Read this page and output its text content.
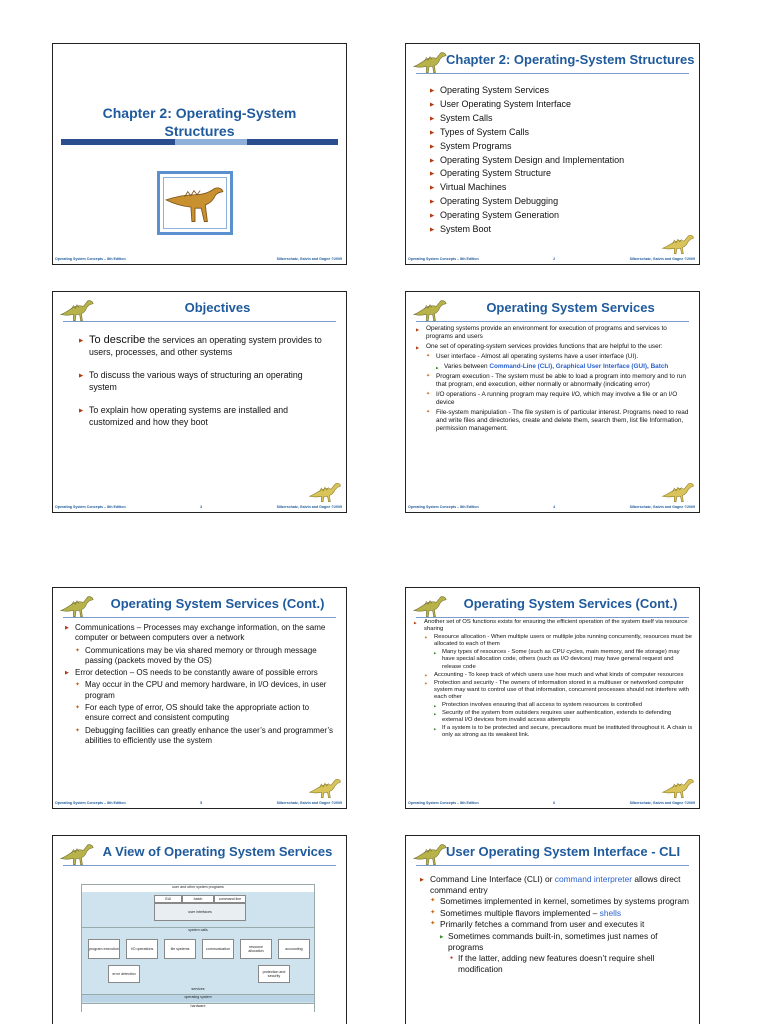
Chapter 2: Operating-System
Structures
Operating System Concepts – 8th Edition	Silberschatz, Galvin and Gagne ©2009
Chapter 2: Operating-System Structures
▶ Operating System Services
▶ User Operating System Interface
▶ System Calls
▶ Types of System Calls
▶ System Programs
▶ Operating System Design and Implementation
▶ Operating System Structure
▶ Virtual Machines
▶ Operating System Debugging
▶ Operating System Generation
▶ System Boot
Operating System Concepts – 8th Edition	2	Silberschatz, Galvin and Gagne ©2009
Objectives
▶ To describe the services an operating system provides to users, processes, and other systems
▶ To discuss the various ways of structuring an operating system
▶ To explain how operating systems are installed and customized and how they boot
Operating System Concepts – 8th Edition	3	Silberschatz, Galvin and Gagne ©2009
Operating System Services
▶ Operating systems provide an environment for execution of programs and services to programs and users
▶ One set of operating-system services provides functions that are helpful to the user:
✦ User interface - Almost all operating systems have a user interface (UI).
▶ Varies between Command-Line (CLI), Graphical User Interface (GUI), Batch
✦ Program execution - The system must be able to load a program into memory and to run that program, end execution, either normally or abnormally (indicating error)
✦ I/O operations - A running program may require I/O, which may involve a file or an I/O device
✦ File-system manipulation - The file system is of particular interest. Programs need to read and write files and directories, create and delete them, search them, list file Information, permission management.
Operating System Concepts – 8th Edition	4	Silberschatz, Galvin and Gagne ©2009
Operating System Services (Cont.)
▶ Communications – Processes may exchange information, on the same computer or between computers over a network
✦ Communications may be via shared memory or through message passing (packets moved by the OS)
▶ Error detection – OS needs to be constantly aware of possible errors
✦ May occur in the CPU and memory hardware, in I/O devices, in user program
✦ For each type of error, OS should take the appropriate action to ensure correct and consistent computing
✦ Debugging facilities can greatly enhance the user’s and programmer’s abilities to efficiently use the system
Operating System Concepts – 8th Edition	5	Silberschatz, Galvin and Gagne ©2009
Operating System Services (Cont.)
▶ Another set of OS functions exists for ensuring the efficient operation of the system itself via resource sharing
✦ Resource allocation - When multiple users or multiple jobs running concurrently, resources must be allocated to each of them
▶ Many types of resources - Some (such as CPU cycles, main memory, and file storage) may have special allocation code, others (such as I/O devices) may have general request and release code
✦ Accounting - To keep track of which users use how much and what kinds of computer resources
✦ Protection and security - The owners of information stored in a multiuser or networked computer system may want to control use of that information, concurrent processes should not interfere with each other
▶ Protection involves ensuring that all access to system resources is controlled
▶ Security of the system from outsiders requires user authentication, extends to defending external I/O devices from invalid access attempts
▶ If a system is to be protected and secure, precautions must be instituted throughout it. A chain is only as strong as its weakest link.
Operating System Concepts – 8th Edition	6	Silberschatz, Galvin and Gagne ©2009
A View of Operating System Services
user and other system programs
GUI	batch	command line
user interfaces
system calls
program execution	I/O operations	file systems	communication
resource allocation
accounting
error detection
protection and security
services
operating system
hardware
User Operating System Interface - CLI
▶ Command Line Interface (CLI) or command interpreter allows direct command entry
✦ Sometimes implemented in kernel, sometimes by systems program
✦ Sometimes multiple flavors implemented – shells
✦ Primarily fetches a command from user and executes it
▶ Sometimes commands built-in, sometimes just names of programs
● If the latter, adding new features doesn’t require shell modification
